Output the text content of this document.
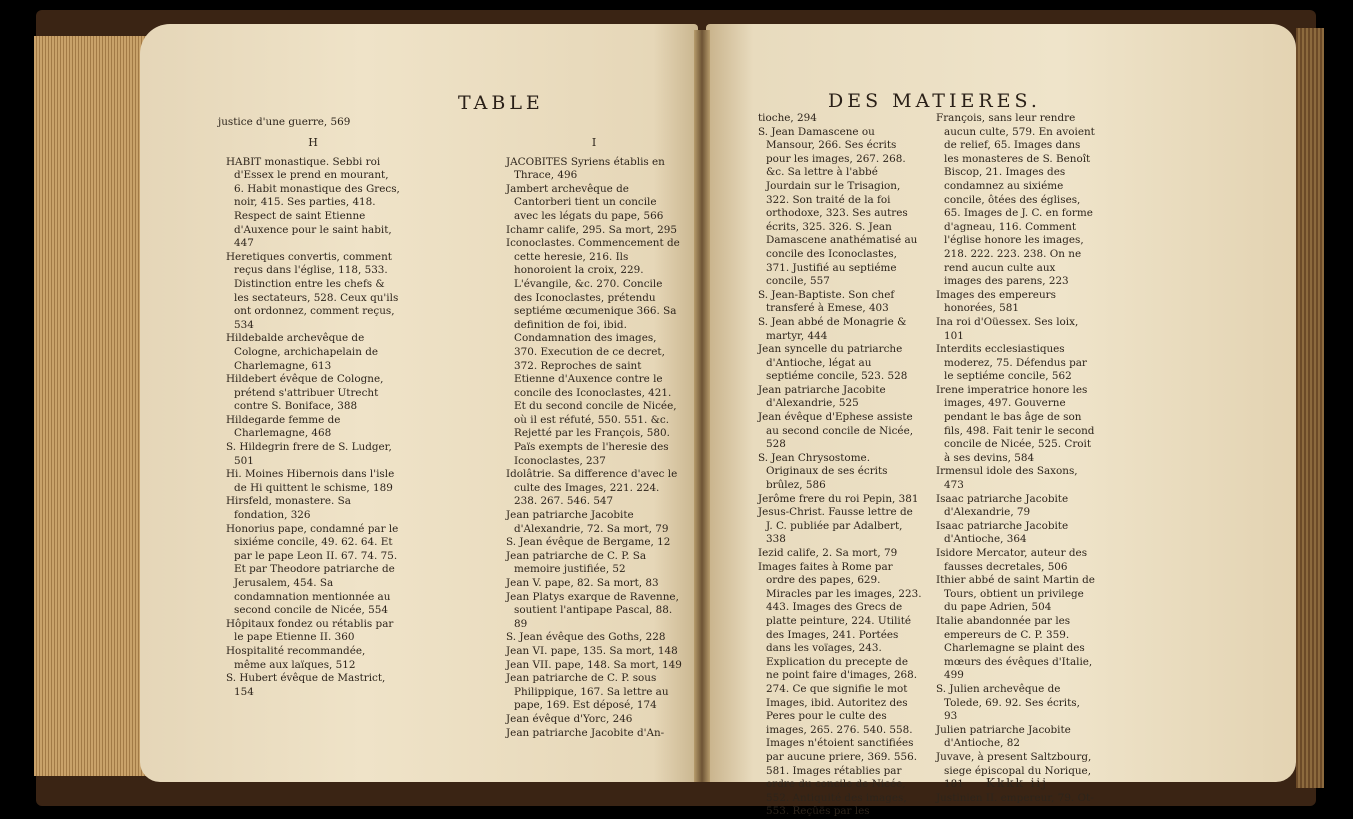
TABLE	DES MATIERES.

justice d'une guerre, 569

H

HABIT monastique. Sebbi roi d'Essex le prend en mourant, 6. Habit monastique des Grecs, noir, 415. Ses parties, 418. Respect de saint Etienne d'Auxence pour le saint habit, 447

Heretiques convertis, comment reçus dans l'église, 118, 533. Distinction entre les chefs & les sectateurs, 528. Ceux qu'ils ont ordonnez, comment reçus, 534

Hildebalde archevêque de Cologne, archichapelain de Charlemagne, 613

Hildebert évêque de Cologne, prétend s'attribuer Utrecht contre S. Boniface, 388

Hildegarde femme de Charlemagne, 468

S. Hildegrin frere de S. Ludger, 501

Hi. Moines Hibernois dans l'isle de Hi quittent le schisme, 189

Hirsfeld, monastere. Sa fondation, 326

Honorius pape, condamné par le sixiéme concile, 49. 62. 64. Et par le pape Leon II. 67. 74. 75. Et par Theodore patriarche de Jerusalem, 454. Sa condamnation mentionnée au second concile de Nicée, 554

Hôpitaux fondez ou rétablis par le pape Etienne II. 360

Hospitalité recommandée, même aux laïques, 512

S. Hubert évêque de Mastrict, 154

I

JACOBITES Syriens établis en Thrace, 496

Jambert archevêque de Cantorberi tient un concile avec les légats du pape, 566

Ichamr calife, 295. Sa mort, 295

Iconoclastes. Commencement de cette heresie, 216. Ils honoroient la croix, 229. L'évangile, &c. 270. Concile des Iconoclastes, prétendu septiéme œcumenique 366. Sa definition de foi, ibid. Condamnation des images, 370. Execution de ce decret, 372. Reproches de saint Etienne d'Auxence contre le concile des Iconoclastes, 421. Et du second concile de Nicée, où il est réfuté, 550. 551. &c. Rejetté par les François, 580. Païs exempts de l'heresie des Iconoclastes, 237

Idolâtrie. Sa difference d'avec le culte des Images, 221. 224. 238. 267. 546. 547

Jean patriarche Jacobite d'Alexandrie, 72. Sa mort, 79

S. Jean évêque de Bergame, 12

Jean patriarche de C. P. Sa memoire justifiée, 52

Jean V. pape, 82. Sa mort, 83

Jean Platys exarque de Ravenne, soutient l'antipape Pascal, 88. 89

S. Jean évêque des Goths, 228

Jean VI. pape, 135. Sa mort, 148

Jean VII. pape, 148. Sa mort, 149

Jean patriarche de C. P. sous Philippique, 167. Sa lettre au pape, 169. Est déposé, 174

Jean évêque d'Yorc, 246

Jean patriarche Jacobite d'An-

tioche, 294

S. Jean Damascene ou Mansour, 266. Ses écrits pour les images, 267. 268. &c. Sa lettre à l'abbé Jourdain sur le Trisagion, 322. Son traité de la foi orthodoxe, 323. Ses autres écrits, 325. 326. S. Jean Damascene anathématisé au concile des Iconoclastes, 371. Justifié au septiéme concile, 557

S. Jean-Baptiste. Son chef transferé à Emese, 403

S. Jean abbé de Monagrie & martyr, 444

Jean syncelle du patriarche d'Antioche, légat au septiéme concile, 523. 528

Jean patriarche Jacobite d'Alexandrie, 525

Jean évêque d'Ephese assiste au second concile de Nicée, 528

S. Jean Chrysostome. Originaux de ses écrits brûlez, 586

Jerôme frere du roi Pepin, 381

Jesus-Christ. Fausse lettre de J. C. publiée par Adalbert, 338

Iezid calife, 2. Sa mort, 79

Images faites à Rome par ordre des papes, 629. Miracles par les images, 223. 443. Images des Grecs de platte peinture, 224. Utilité des Images, 241. Portées dans les voïages, 243. Explication du precepte de ne point faire d'images, 268. 274. Ce que signifie le mot Images, ibid. Autoritez des Peres pour le culte des images, 265. 276. 540. 558. Images n'étoient sanctifiées par aucune priere, 369. 556. 581. Images rétablies par ordre du concile de Nicée, 552. Antiquité des images, 553. Reçûës par les

François, sans leur rendre aucun culte, 579. En avoient de relief, 65. Images dans les monasteres de S. Benoît Biscop, 21. Images des condamnez au sixiéme concile, ôtées des églises, 65. Images de J. C. en forme d'agneau, 116. Comment l'église honore les images, 218. 222. 223. 238. On ne rend aucun culte aux images des parens, 223

Images des empereurs honorées, 581

Ina roi d'Oüessex. Ses loix, 101

Interdits ecclesiastiques moderez, 75. Défendus par le septiéme concile, 562

Irene imperatrice honore les images, 497. Gouverne pendant le bas âge de son fils, 498. Fait tenir le second concile de Nicée, 525. Croit à ses devins, 584

Irmensul idole des Saxons, 473

Isaac patriarche Jacobite d'Alexandrie, 79

Isaac patriarche Jacobite d'Antioche, 364

Isidore Mercator, auteur des fausses decretales, 506

Ithier abbé de saint Martin de Tours, obtient un privilege du pape Adrien, 504

Italie abandonnée par les empereurs de C. P. 359. Charlemagne se plaint des mœurs des évêques d'Italie, 499

S. Julien archevêque de Tolede, 69. 92. Ses écrits, 93

Julien patriarche Jacobite d'Antioche, 82

Juvave, à present Saltzbourg, siege épiscopal du Norique, 181

Justinien II. empereur, 79. Ot-

Kkkk iij
